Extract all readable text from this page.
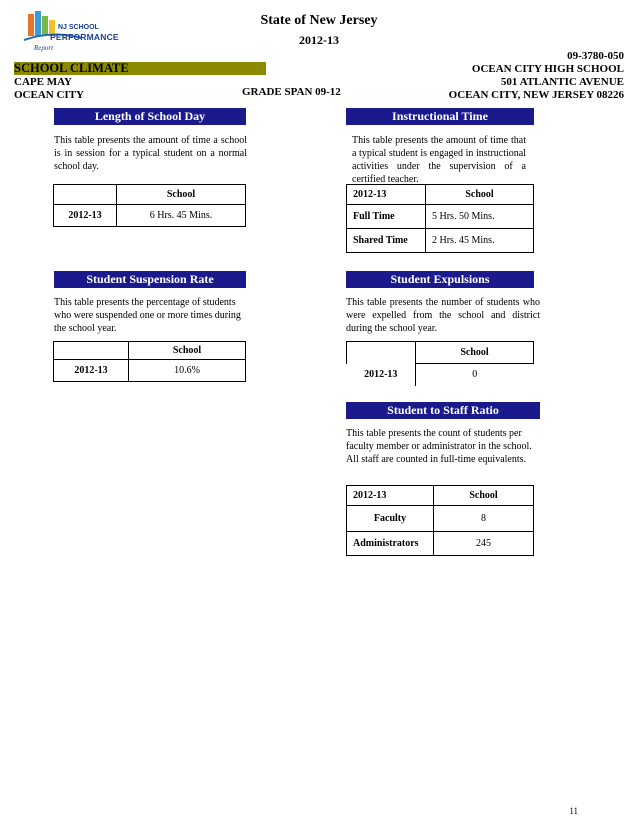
NJ SCHOOL
PERFORMANCE
Report
State of New Jersey
2012-13
09-3780-050
SCHOOL CLIMATE	OCEAN CITY HIGH SCHOOL
CAPE MAY	501 ATLANTIC AVENUE
OCEAN CITY	GRADE SPAN 09-12	OCEAN CITY, NEW JERSEY 08226
Length of School Day
This table presents the amount of time a school is in session for a typical student on a normal school day.
	School
2012-13	6 Hrs. 45 Mins.
Instructional Time
This table presents the amount of time that a typical student is engaged in instructional activities under the supervision of a certified teacher.
2012-13	School
Full Time	5 Hrs. 50 Mins.
Shared Time	2 Hrs. 45 Mins.
Student Suspension Rate
This table presents the percentage of students who were suspended one or more times during the school year.
	School
2012-13	10.6%
Student Expulsions
This table presents the number of students who were expelled from the school and district during the school year.
	School
2012-13	0
Student to Staff Ratio
This table presents the count of students per faculty member or administrator in the school. All staff are counted in full-time equivalents.
2012-13	School
Faculty	8
Administrators	245
11
